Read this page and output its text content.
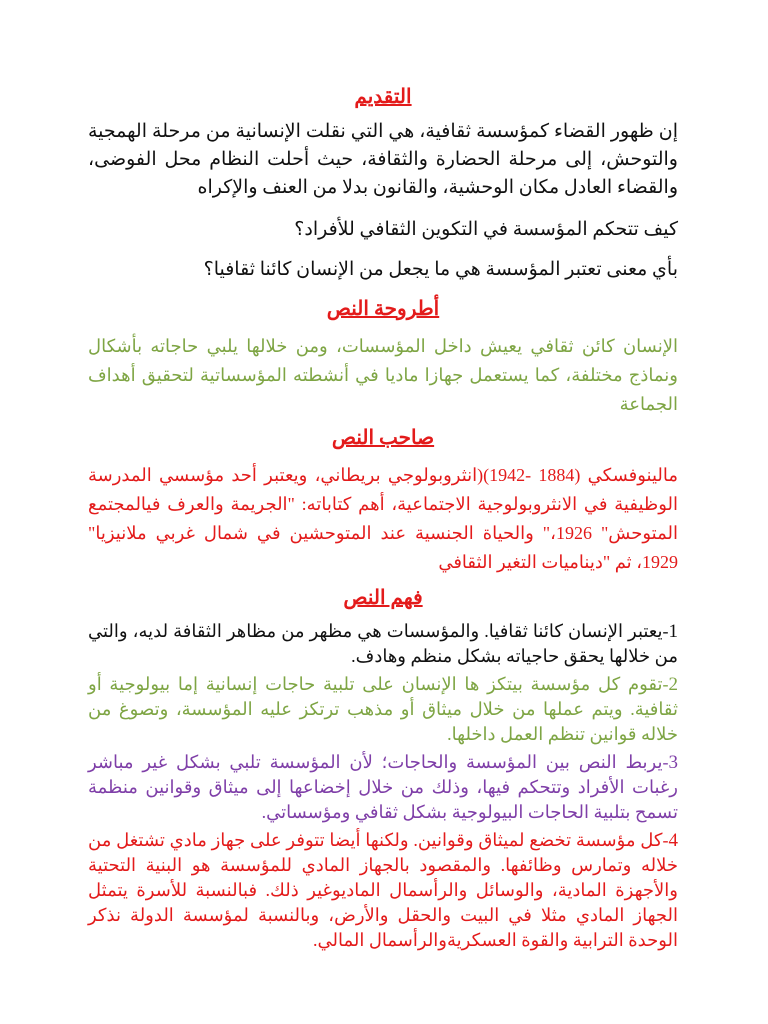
التقديم

إن ظهور القضاء كمؤسسة ثقافية، هي التي نقلت الإنسانية من مرحلة الهمجية والتوحش، إلى مرحلة الحضارة والثقافة، حيث أحلت النظام محل الفوضى، والقضاء العادل مكان الوحشية، والقانون بدلا من العنف والإكراه

كيف تتحكم المؤسسة في التكوين الثقافي للأفراد؟

بأي معنى تعتبر المؤسسة هي ما يجعل من الإنسان كائنا ثقافيا؟

أطروحة النص

الإنسان كائن ثقافي يعيش داخل المؤسسات، ومن خلالها يلبي حاجاته بأشكال ونماذج مختلفة، كما يستعمل جهازا ماديا في أنشطته المؤسساتية لتحقيق أهداف الجماعة

صاحب النص

مالينوفسكي (1884 -1942)(انثروبولوجي بريطاني، ويعتبر أحد مؤسسي المدرسة الوظيفية في الانثروبولوجية الاجتماعية، أهم كتاباته: "الجريمة والعرف فيالمجتمع المتوحش" 1926،" والحياة الجنسية عند المتوحشين في شمال غربي ملانيزيا" 1929، ثم "ديناميات التغير الثقافي

فهم النص

1-يعتبر الإنسان كائنا ثقافيا. والمؤسسات هي مظهر من مظاهر الثقافة لديه، والتي من خلالها يحقق حاجياته بشكل منظم وهادف.

2-تقوم كل مؤسسة بيتكز ها الإنسان على تلبية حاجات إنسانية إما بيولوجية أو ثقافية. ويتم عملها من خلال ميثاق أو مذهب ترتكز عليه المؤسسة، وتصوغ من خلاله قوانين تنظم العمل داخلها.

3-يربط النص بين المؤسسة والحاجات؛ لأن المؤسسة تلبي بشكل غير مباشر رغبات الأفراد وتتحكم فيها، وذلك من خلال إخضاعها إلى ميثاق وقوانين منظمة تسمح بتلبية الحاجات البيولوجية بشكل ثقافي ومؤسساتي.

4-كل مؤسسة تخضع لميثاق وقوانين. ولكنها أيضا تتوفر على جهاز مادي تشتغل من خلاله وتمارس وظائفها. والمقصود بالجهاز المادي للمؤسسة هو البنية التحتية والأجهزة المادية، والوسائل والرأسمال الماديوغير ذلك. فبالنسبة للأسرة يتمثل الجهاز المادي مثلا في البيت والحقل والأرض، وبالنسبة لمؤسسة الدولة نذكر الوحدة الترابية والقوة العسكريةوالرأسمال المالي.
